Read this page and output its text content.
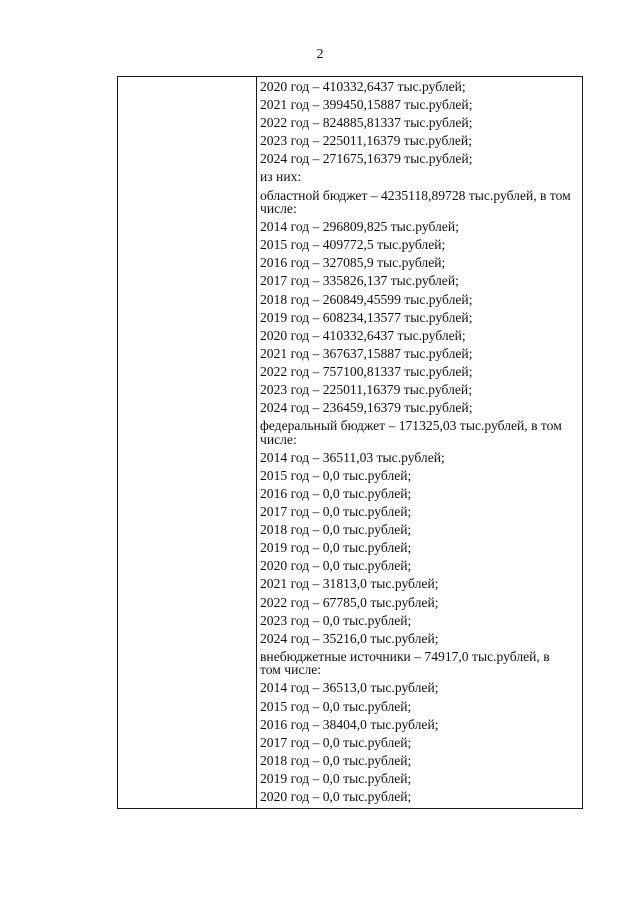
2
2020 год – 410332,6437 тыс.рублей;
2021 год – 399450,15887 тыс.рублей;
2022 год – 824885,81337 тыс.рублей;
2023 год – 225011,16379 тыс.рублей;
2024 год – 271675,16379 тыс.рублей;
из них:
областной бюджет – 4235118,89728 тыс.рублей, в том числе:
2014 год – 296809,825 тыс.рублей;
2015 год – 409772,5 тыс.рублей;
2016 год – 327085,9 тыс.рублей;
2017 год – 335826,137 тыс.рублей;
2018 год – 260849,45599 тыс.рублей;
2019 год – 608234,13577 тыс.рублей;
2020 год – 410332,6437 тыс.рублей;
2021 год – 367637,15887 тыс.рублей;
2022 год – 757100,81337 тыс.рублей;
2023 год – 225011,16379 тыс.рублей;
2024 год – 236459,16379 тыс.рублей;
федеральный бюджет – 171325,03 тыс.рублей, в том числе:
2014 год – 36511,03 тыс.рублей;
2015 год – 0,0 тыс.рублей;
2016 год – 0,0 тыс.рублей;
2017 год – 0,0 тыс.рублей;
2018 год – 0,0 тыс.рублей;
2019 год – 0,0 тыс.рублей;
2020 год – 0,0 тыс.рублей;
2021 год – 31813,0 тыс.рублей;
2022 год – 67785,0 тыс.рублей;
2023 год – 0,0 тыс.рублей;
2024 год – 35216,0 тыс.рублей;
внебюджетные источники – 74917,0 тыс.рублей, в том числе:
2014 год – 36513,0 тыс.рублей;
2015 год – 0,0 тыс.рублей;
2016 год – 38404,0 тыс.рублей;
2017 год – 0,0 тыс.рублей;
2018 год – 0,0 тыс.рублей;
2019 год – 0,0 тыс.рублей;
2020 год – 0,0 тыс.рублей;
